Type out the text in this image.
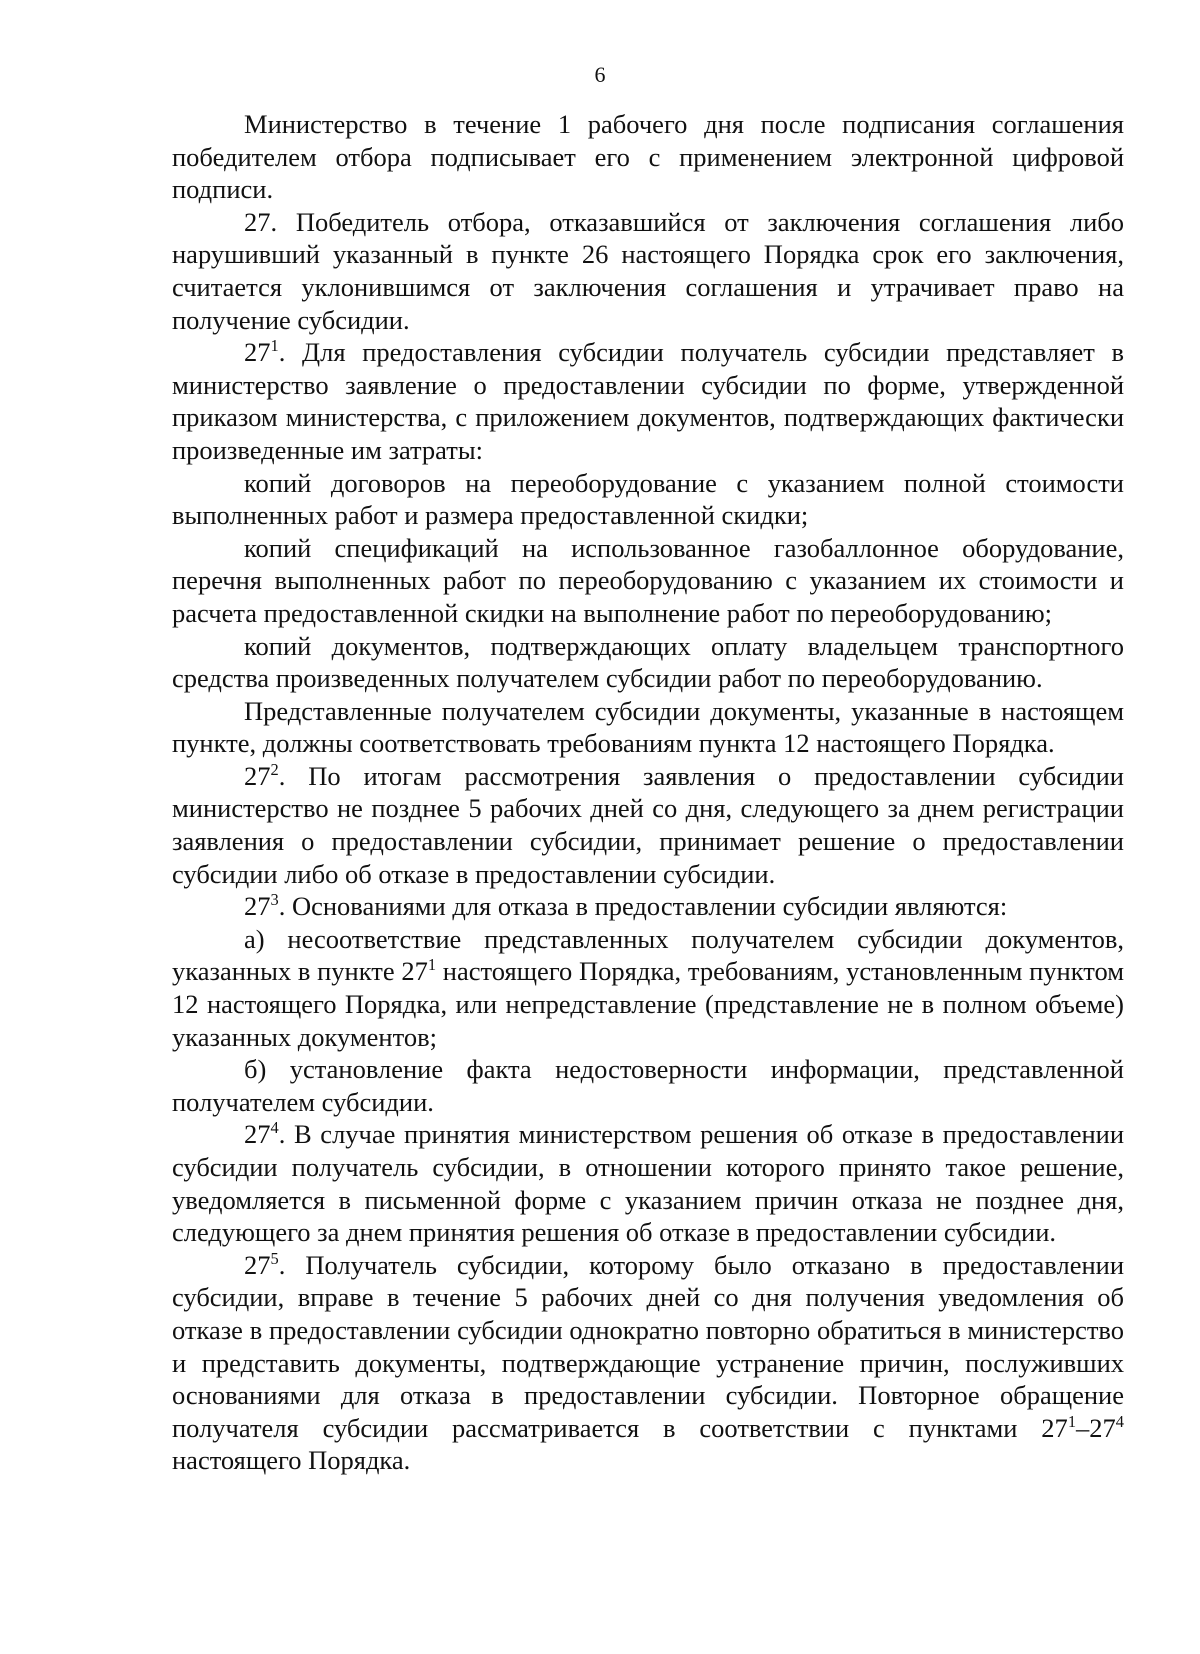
6

Министерство в течение 1 рабочего дня после подписания соглашения победителем отбора подписывает его с применением электронной цифровой подписи.

27. Победитель отбора, отказавшийся от заключения соглашения либо нарушивший указанный в пункте 26 настоящего Порядка срок его заключения, считается уклонившимся от заключения соглашения и утрачивает право на получение субсидии.

$27^1$. Для предоставления субсидии получатель субсидии представляет в министерство заявление о предоставлении субсидии по форме, утвержденной приказом министерства, с приложением документов, подтверждающих фактически произведенные им затраты:

копий договоров на переоборудование с указанием полной стоимости выполненных работ и размера предоставленной скидки;

копий спецификаций на использованное газобаллонное оборудование, перечня выполненных работ по переоборудованию с указанием их стоимости и расчета предоставленной скидки на выполнение работ по переоборудованию;

копий документов, подтверждающих оплату владельцем транспортного средства произведенных получателем субсидии работ по переоборудованию.

Представленные получателем субсидии документы, указанные в настоящем пункте, должны соответствовать требованиям пункта 12 настоящего Порядка.

$27^2$. По итогам рассмотрения заявления о предоставлении субсидии министерство не позднее 5 рабочих дней со дня, следующего за днем регистрации заявления о предоставлении субсидии, принимает решение о предоставлении субсидии либо об отказе в предоставлении субсидии.

$27^3$. Основаниями для отказа в предоставлении субсидии являются:

а) несоответствие представленных получателем субсидии документов, указанных в пункте $27^1$ настоящего Порядка, требованиям, установленным пунктом 12 настоящего Порядка, или непредставление (представление не в полном объеме) указанных документов;

б) установление факта недостоверности информации, представленной получателем субсидии.

$27^4$. В случае принятия министерством решения об отказе в предоставлении субсидии получатель субсидии, в отношении которого принято такое решение, уведомляется в письменной форме с указанием причин отказа не позднее дня, следующего за днем принятия решения об отказе в предоставлении субсидии.

$27^5$. Получатель субсидии, которому было отказано в предоставлении субсидии, вправе в течение 5 рабочих дней со дня получения уведомления об отказе в предоставлении субсидии однократно повторно обратиться в министерство и представить документы, подтверждающие устранение причин, послуживших основаниями для отказа в предоставлении субсидии. Повторное обращение получателя субсидии рассматривается в соответствии с пунктами $27^1-27^4$ настоящего Порядка.
